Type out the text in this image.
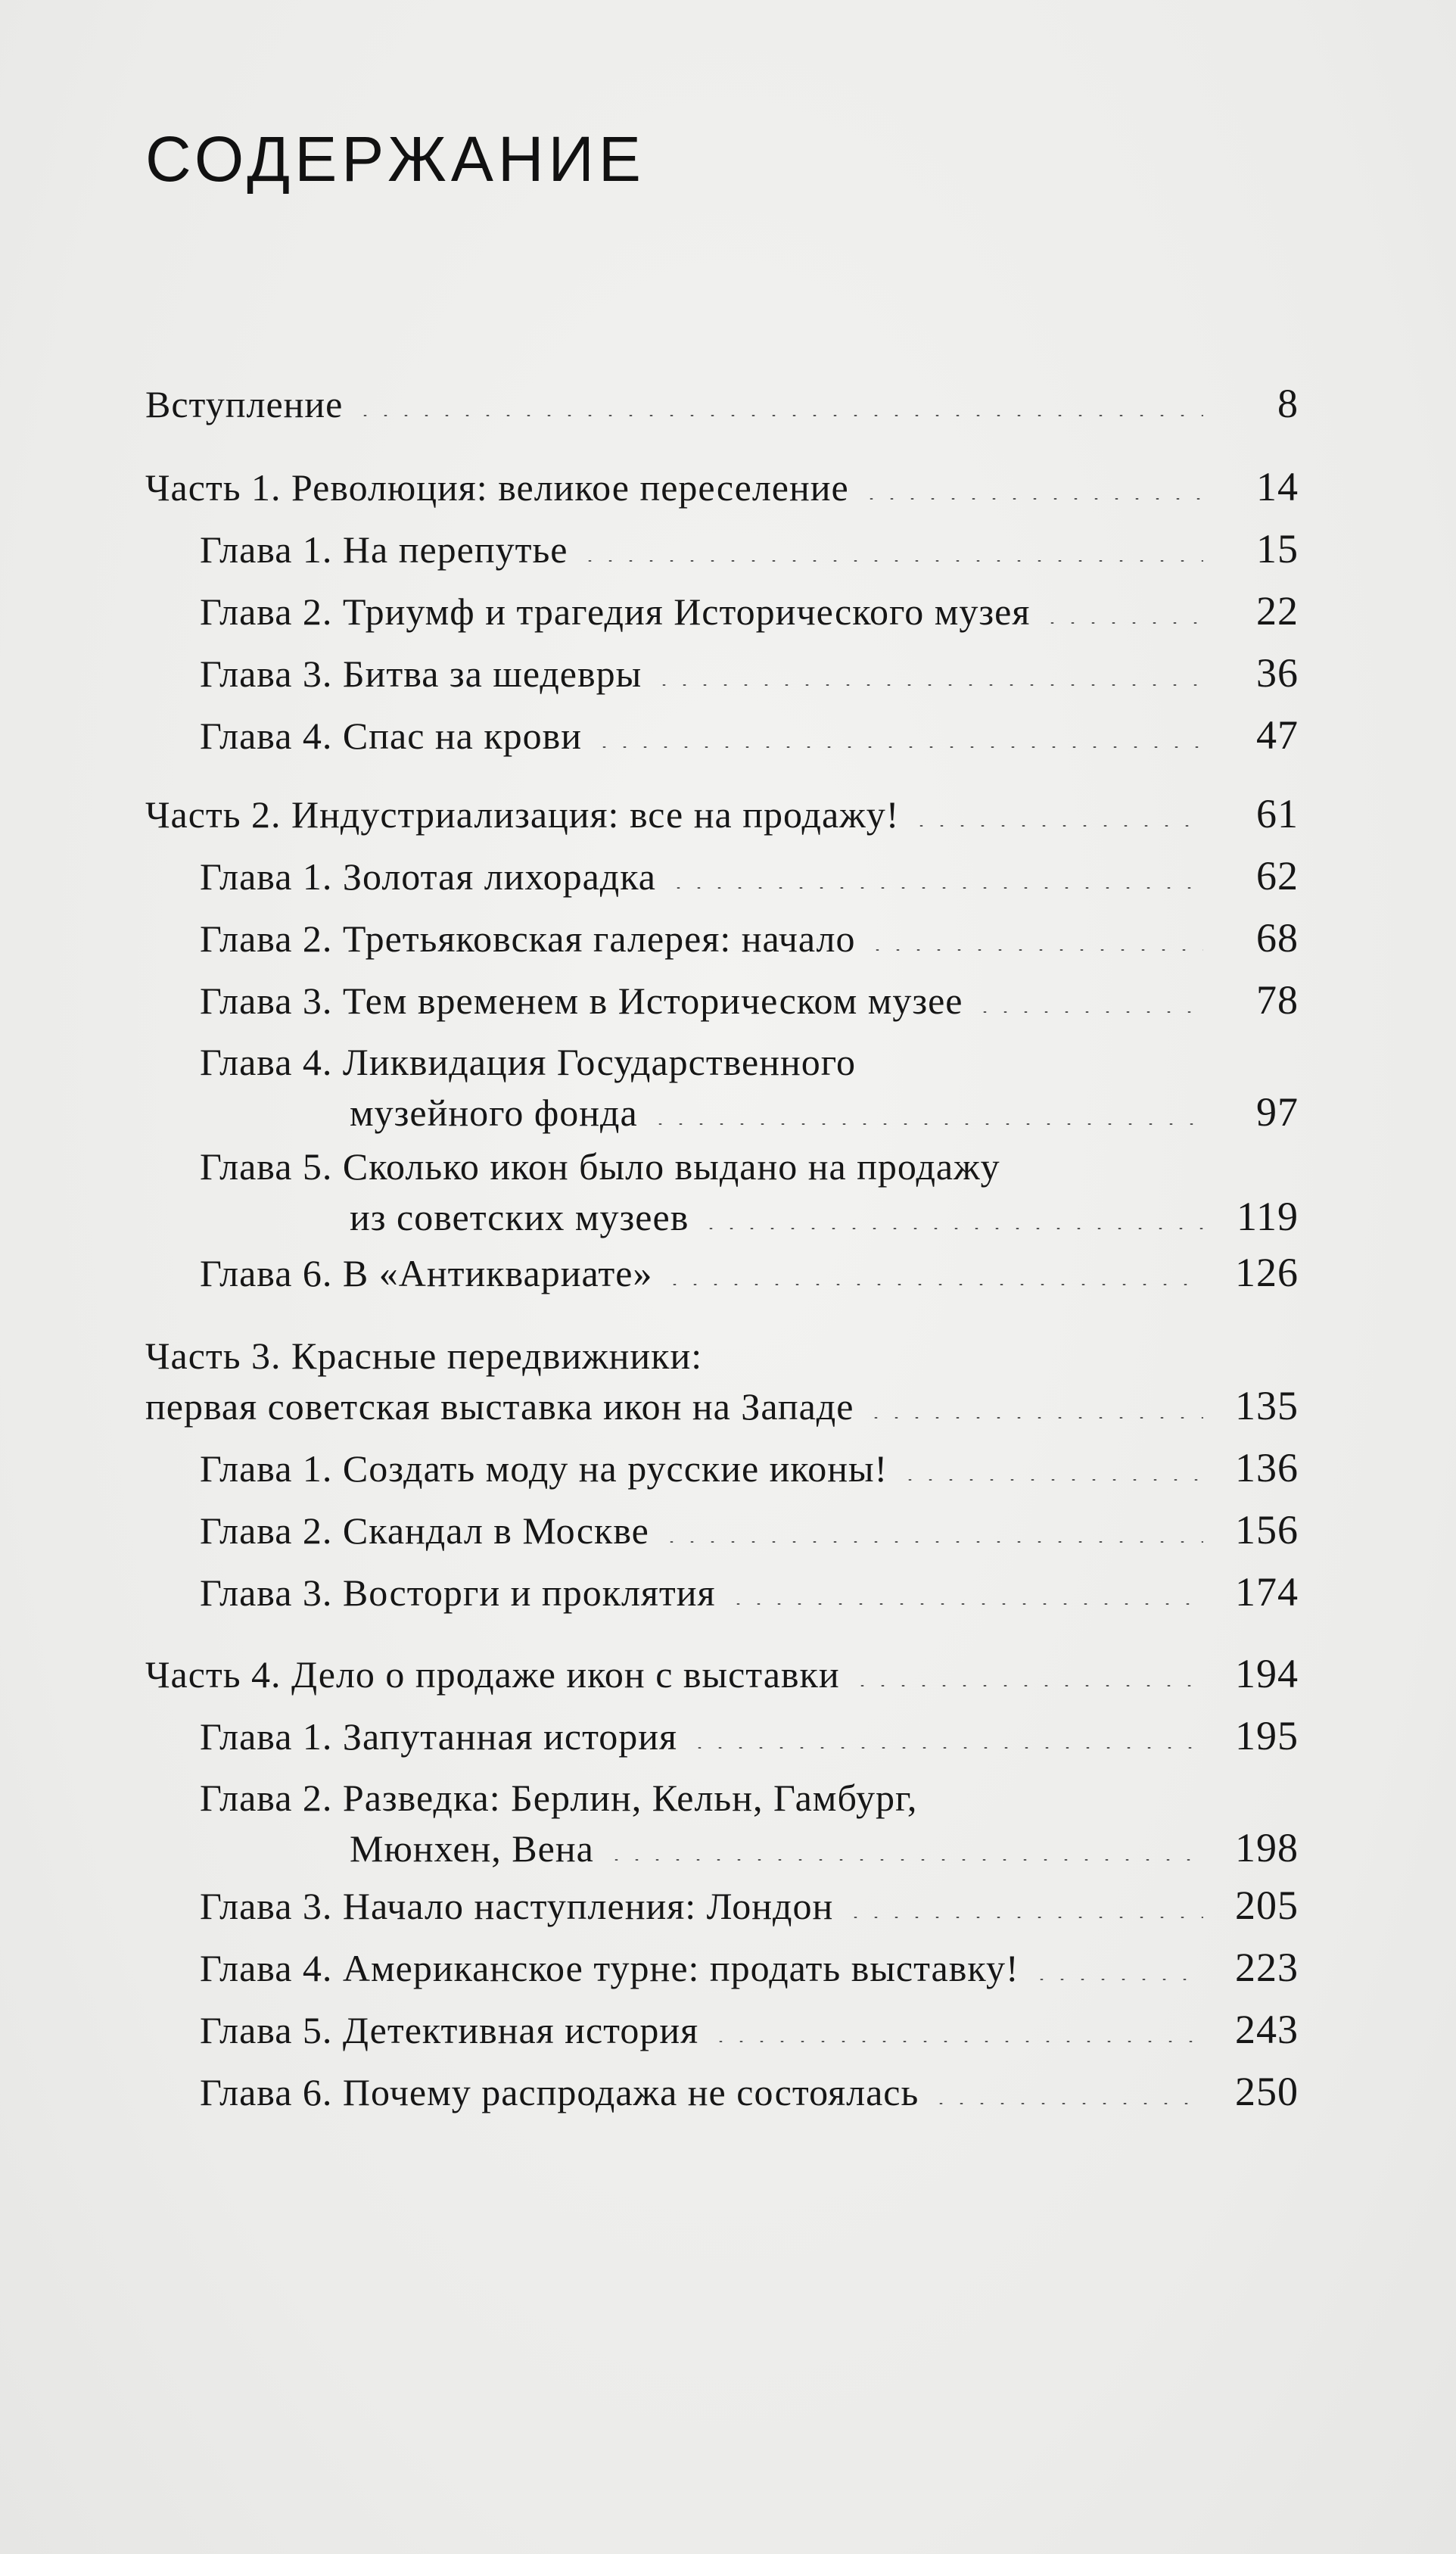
СОДЕРЖАНИЕ
Вступление	8
Часть 1. Революция: великое переселение	14
Глава 1. На перепутье	15
Глава 2. Триумф и трагедия Исторического музея	22
Глава 3. Битва за шедевры	36
Глава 4. Спас на крови	47
Часть 2. Индустриализация: все на продажу!	61
Глава 1. Золотая лихорадка	62
Глава 2. Третьяковская галерея: начало	68
Глава 3. Тем временем в Историческом музее	78
Глава 4. Ликвидация Государственного
музейного фонда	97
Глава 5. Сколько икон было выдано на продажу
из советских музеев	119
Глава 6. В «Антиквариате»	126
Часть 3. Красные передвижники:
первая советская выставка икон на Западе	135
Глава 1. Создать моду на русские иконы!	136
Глава 2. Скандал в Москве	156
Глава 3. Восторги и проклятия	174
Часть 4. Дело о продаже икон с выставки	194
Глава 1. Запутанная история	195
Глава 2. Разведка: Берлин, Кельн, Гамбург,
Мюнхен, Вена	198
Глава 3. Начало наступления: Лондон	205
Глава 4. Американское турне: продать выставку!	223
Глава 5. Детективная история	243
Глава 6. Почему распродажа не состоялась	250
